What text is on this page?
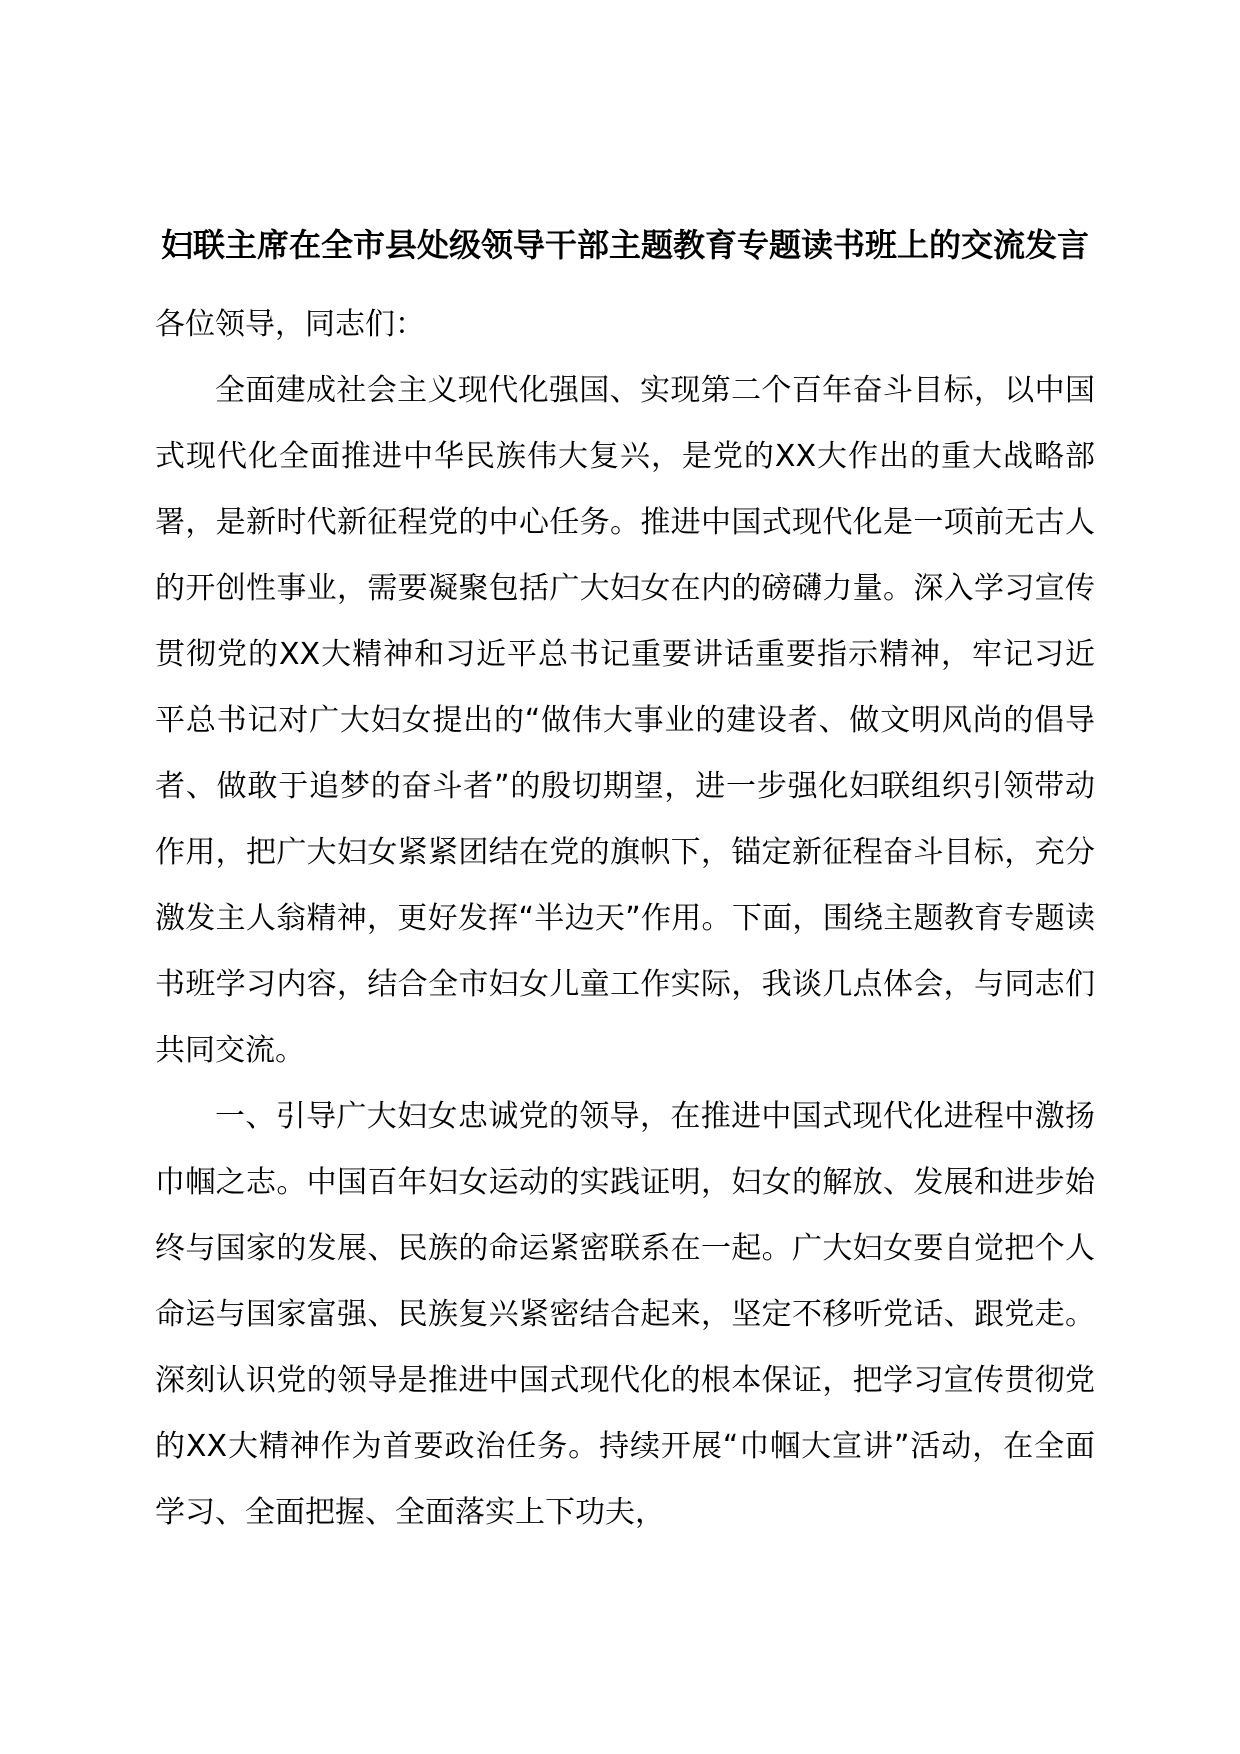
妇联主席在全市县处级领导干部主题教育专题读书班上的交流发言

各位领导，同志们：

全面建成社会主义现代化强国、实现第二个百年奋斗目标，以中国式现代化全面推进中华民族伟大复兴，是党的XX大作出的重大战略部署，是新时代新征程党的中心任务。推进中国式现代化是一项前无古人的开创性事业，需要凝聚包括广大妇女在内的磅礴力量。深入学习宣传贯彻党的XX大精神和习近平总书记重要讲话重要指示精神，牢记习近平总书记对广大妇女提出的“做伟大事业的建设者、做文明风尚的倡导者、做敢于追梦的奋斗者”的殷切期望，进一步强化妇联组织引领带动作用，把广大妇女紧紧团结在党的旗帜下，锚定新征程奋斗目标，充分激发主人翁精神，更好发挥“半边天”作用。下面，围绕主题教育专题读书班学习内容，结合全市妇女儿童工作实际，我谈几点体会，与同志们共同交流。

一、引导广大妇女忠诚党的领导，在推进中国式现代化进程中激扬巾帼之志。中国百年妇女运动的实践证明，妇女的解放、发展和进步始终与国家的发展、民族的命运紧密联系在一起。广大妇女要自觉把个人命运与国家富强、民族复兴紧密结合起来，坚定不移听党话、跟党走。深刻认识党的领导是推进中国式现代化的根本保证，把学习宣传贯彻党的XX大精神作为首要政治任务。持续开展“巾帼大宣讲”活动，在全面学习、全面把握、全面落实上下功夫，
